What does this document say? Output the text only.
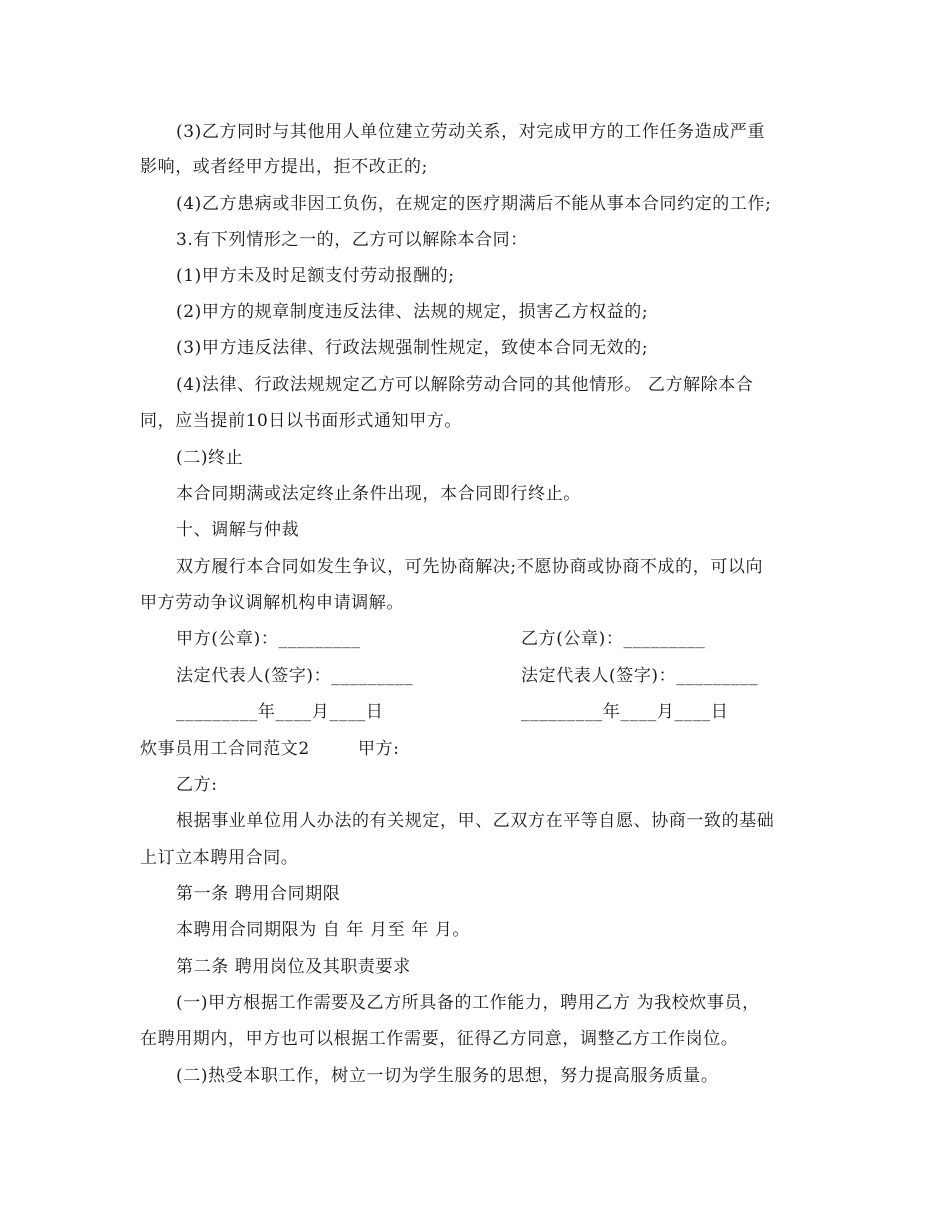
(3)乙方同时与其他用人单位建立劳动关系，对完成甲方的工作任务造成严重
影响，或者经甲方提出，拒不改正的;
(4)乙方患病或非因工负伤，在规定的医疗期满后不能从事本合同约定的工作;
3.有下列情形之一的，乙方可以解除本合同：
(1)甲方未及时足额支付劳动报酬的;
(2)甲方的规章制度违反法律、法规的规定，损害乙方权益的;
(3)甲方违反法律、行政法规强制性规定，致使本合同无效的;
(4)法律、行政法规规定乙方可以解除劳动合同的其他情形。 乙方解除本合
同，应当提前10日以书面形式通知甲方。
(二)终止
本合同期满或法定终止条件出现，本合同即行终止。
十、调解与仲裁
双方履行本合同如发生争议，可先协商解决;不愿协商或协商不成的，可以向
甲方劳动争议调解机构申请调解。
甲方(公章)：_________	乙方(公章)：_________
法定代表人(签字)：_________	法定代表人(签字)：_________
_________年____月____日	_________年____月____日
炊事员用工合同范文2	甲方:
乙方:
根据事业单位用人办法的有关规定，甲、乙双方在平等自愿、协商一致的基础
上订立本聘用合同。
第一条 聘用合同期限
本聘用合同期限为 自 年 月至 年 月。
第二条 聘用岗位及其职责要求
(一)甲方根据工作需要及乙方所具备的工作能力，聘用乙方 为我校炊事员，
在聘用期内，甲方也可以根据工作需要，征得乙方同意，调整乙方工作岗位。
(二)热受本职工作，树立一切为学生服务的思想，努力提高服务质量。
